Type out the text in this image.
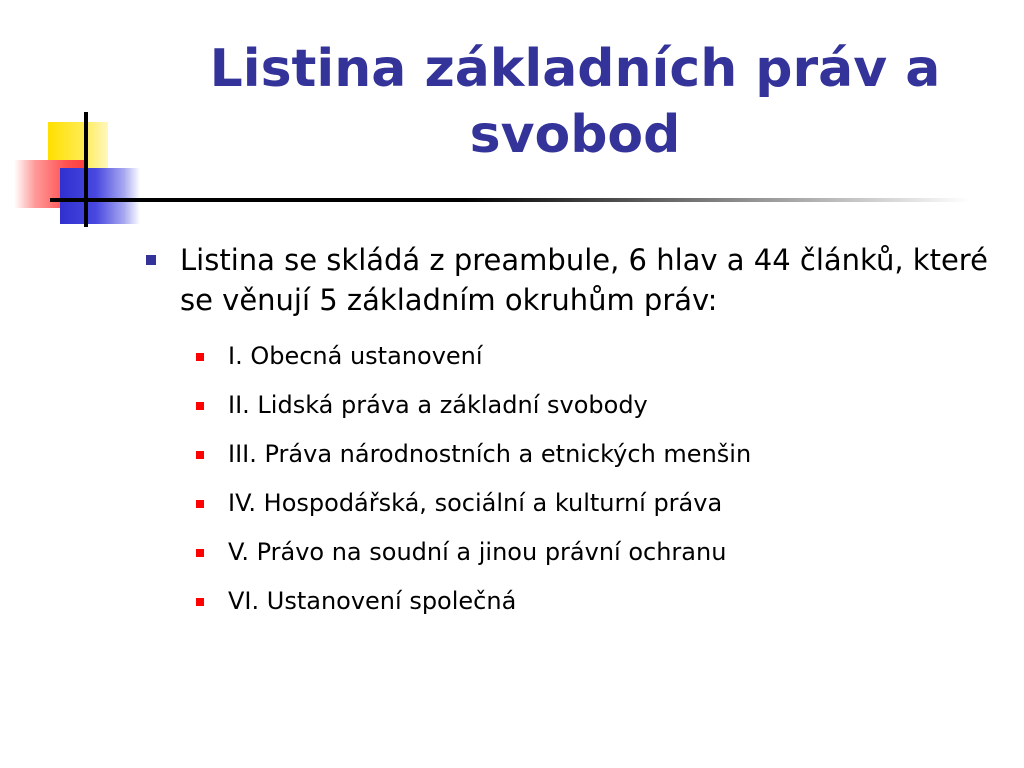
Listina základních práv a svobod
Listina se skládá z preambule, 6 hlav a 44 článků, které se věnují 5 základním okruhům práv:
I. Obecná ustanovení
II. Lidská práva a základní svobody
III. Práva národnostních a etnických menšin
IV. Hospodářská, sociální a kulturní práva
V. Právo na soudní a jinou právní ochranu
VI. Ustanovení společná
